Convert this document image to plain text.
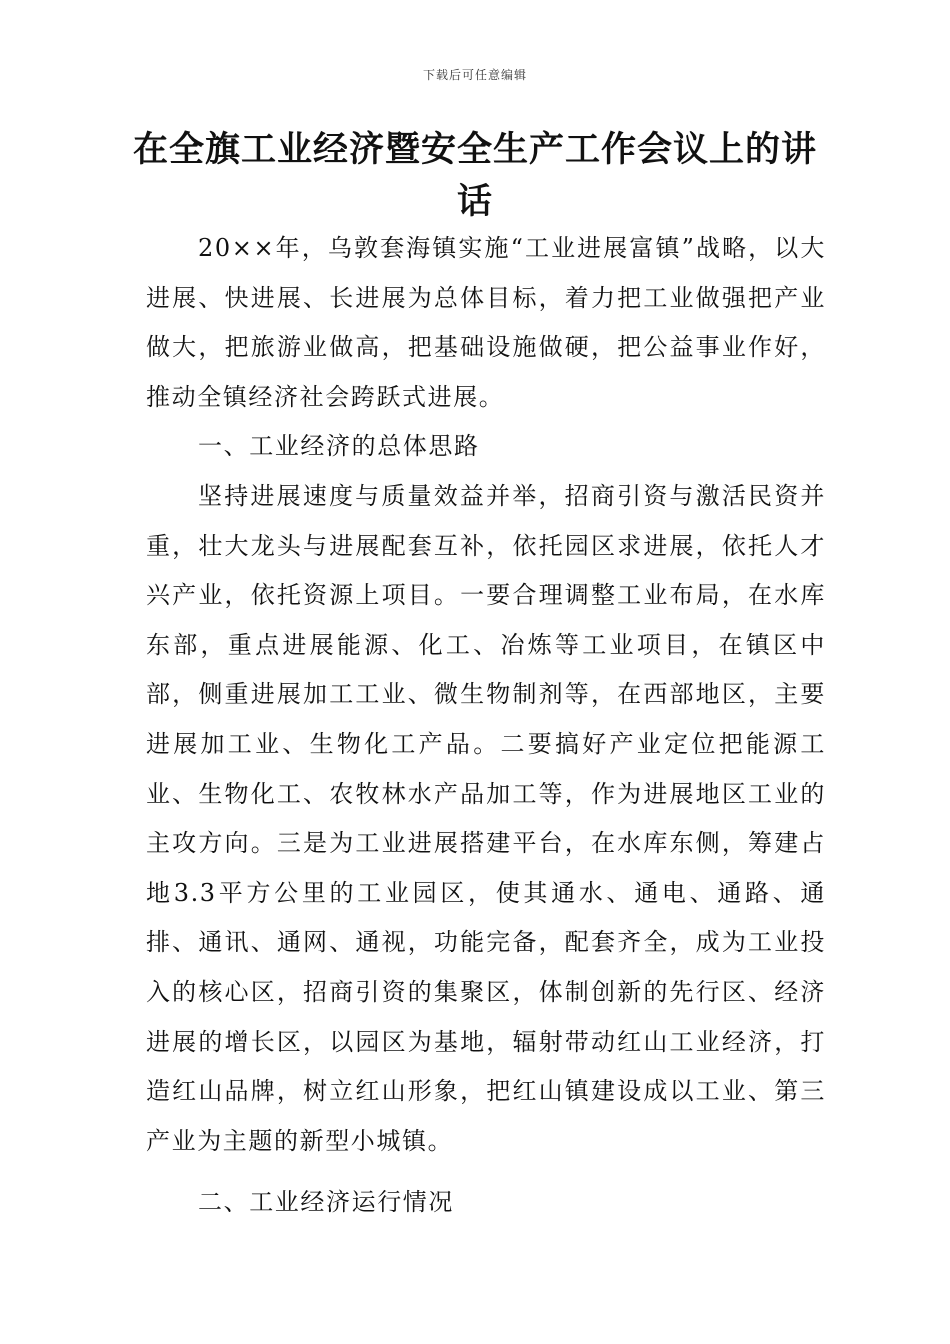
下载后可任意编辑
在全旗工业经济暨安全生产工作会议上的讲话

20××年，乌敦套海镇实施“工业进展富镇”战略，以大进展、快进展、长进展为总体目标，着力把工业做强把产业做大，把旅游业做高，把基础设施做硬，把公益事业作好，推动全镇经济社会跨跃式进展。

一、工业经济的总体思路

坚持进展速度与质量效益并举，招商引资与激活民资并重，壮大龙头与进展配套互补，依托园区求进展，依托人才兴产业，依托资源上项目。一要合理调整工业布局，在水库东部，重点进展能源、化工、冶炼等工业项目，在镇区中部，侧重进展加工工业、微生物制剂等，在西部地区，主要进展加工业、生物化工产品。二要搞好产业定位把能源工业、生物化工、农牧林水产品加工等，作为进展地区工业的主攻方向。三是为工业进展搭建平台，在水库东侧，筹建占地3.3平方公里的工业园区，使其通水、通电、通路、通排、通讯、通网、通视，功能完备，配套齐全，成为工业投入的核心区，招商引资的集聚区，体制创新的先行区、经济进展的增长区，以园区为基地，辐射带动红山工业经济，打造红山品牌，树立红山形象，把红山镇建设成以工业、第三产业为主题的新型小城镇。

二、工业经济运行情况
